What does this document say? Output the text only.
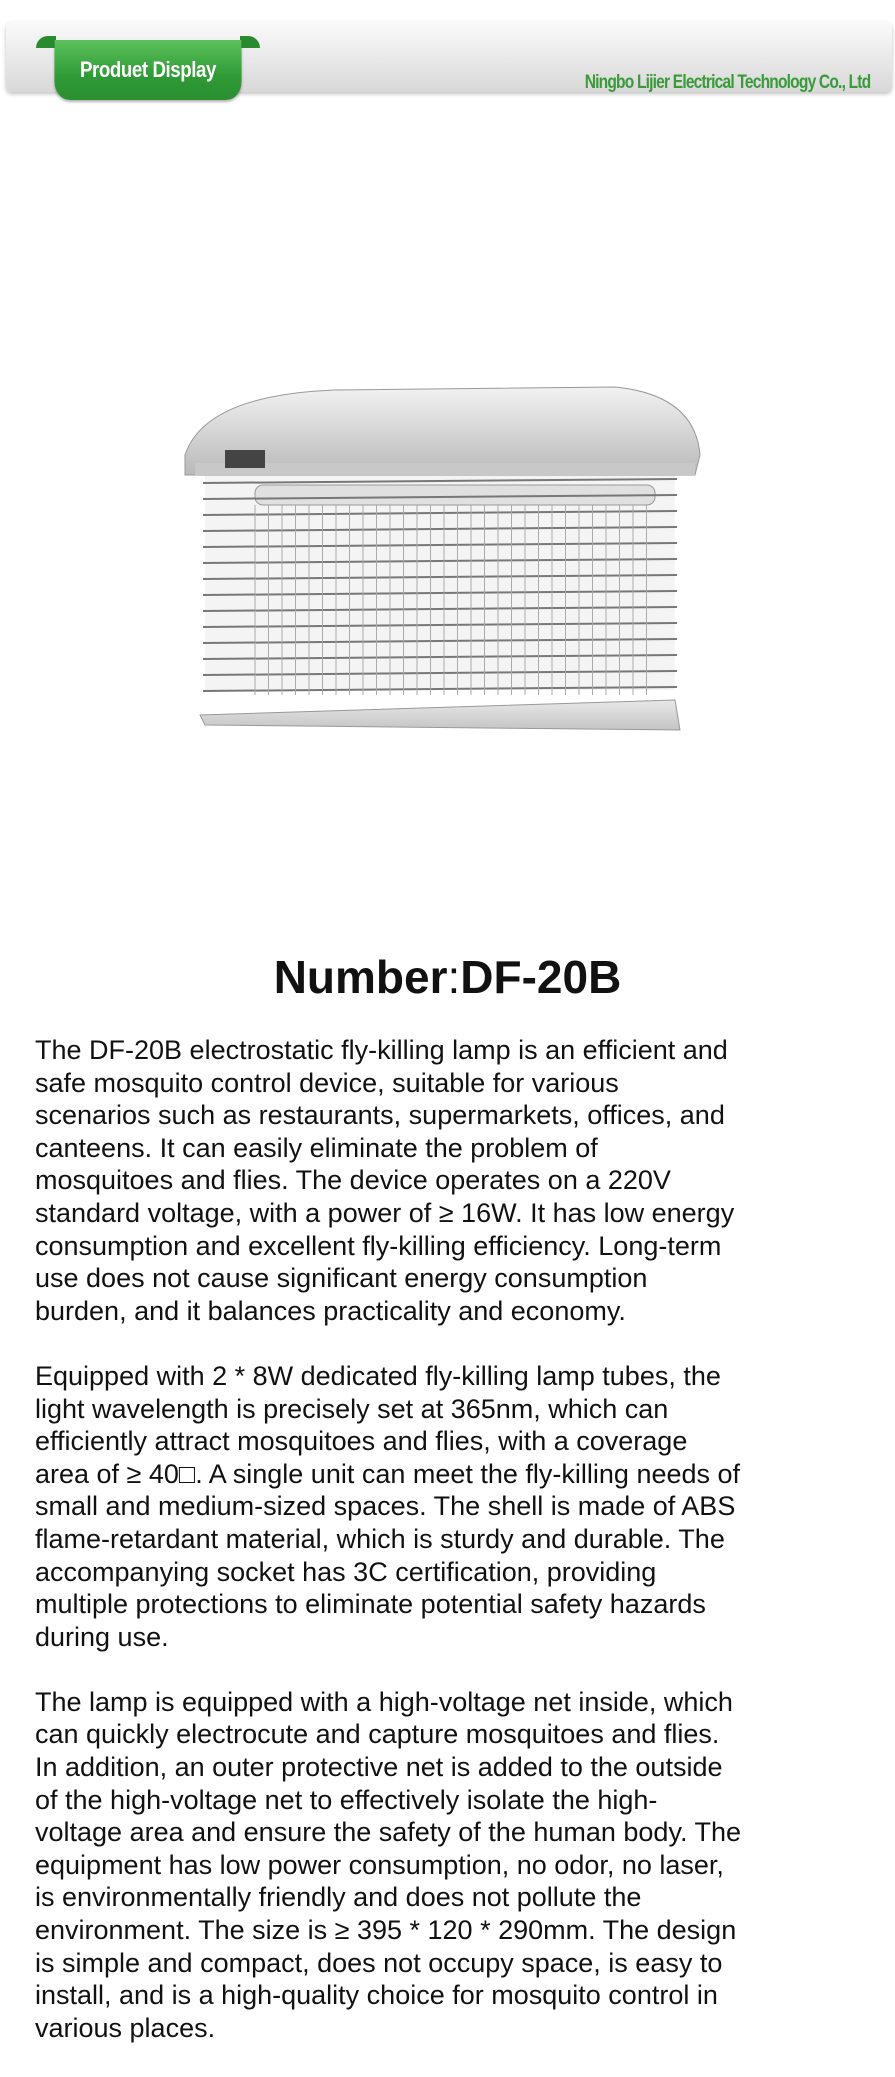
Produet Display
Ningbo Lijier Electrical Technology Co., Ltd
Number:DF-20B
The DF-20B electrostatic fly-killing lamp is an efficient and
safe mosquito control device, suitable for various
scenarios such as restaurants, supermarkets, offices, and
canteens. It can easily eliminate the problem of
mosquitoes and flies. The device operates on a 220V
standard voltage, with a power of ≥ 16W. It has low energy
consumption and excellent fly-killing efficiency. Long-term
use does not cause significant energy consumption
burden, and it balances practicality and economy.
Equipped with 2 * 8W dedicated fly-killing lamp tubes, the
light wavelength is precisely set at 365nm, which can
efficiently attract mosquitoes and flies, with a coverage
area of ≥ 40□. A single unit can meet the fly-killing needs of
small and medium-sized spaces. The shell is made of ABS
flame-retardant material, which is sturdy and durable. The
accompanying socket has 3C certification, providing
multiple protections to eliminate potential safety hazards
during use.
The lamp is equipped with a high-voltage net inside, which
can quickly electrocute and capture mosquitoes and flies.
In addition, an outer protective net is added to the outside
of the high-voltage net to effectively isolate the high-
voltage area and ensure the safety of the human body. The
equipment has low power consumption, no odor, no laser,
is environmentally friendly and does not pollute the
environment. The size is ≥ 395 * 120 * 290mm. The design
is simple and compact, does not occupy space, is easy to
install, and is a high-quality choice for mosquito control in
various places.
